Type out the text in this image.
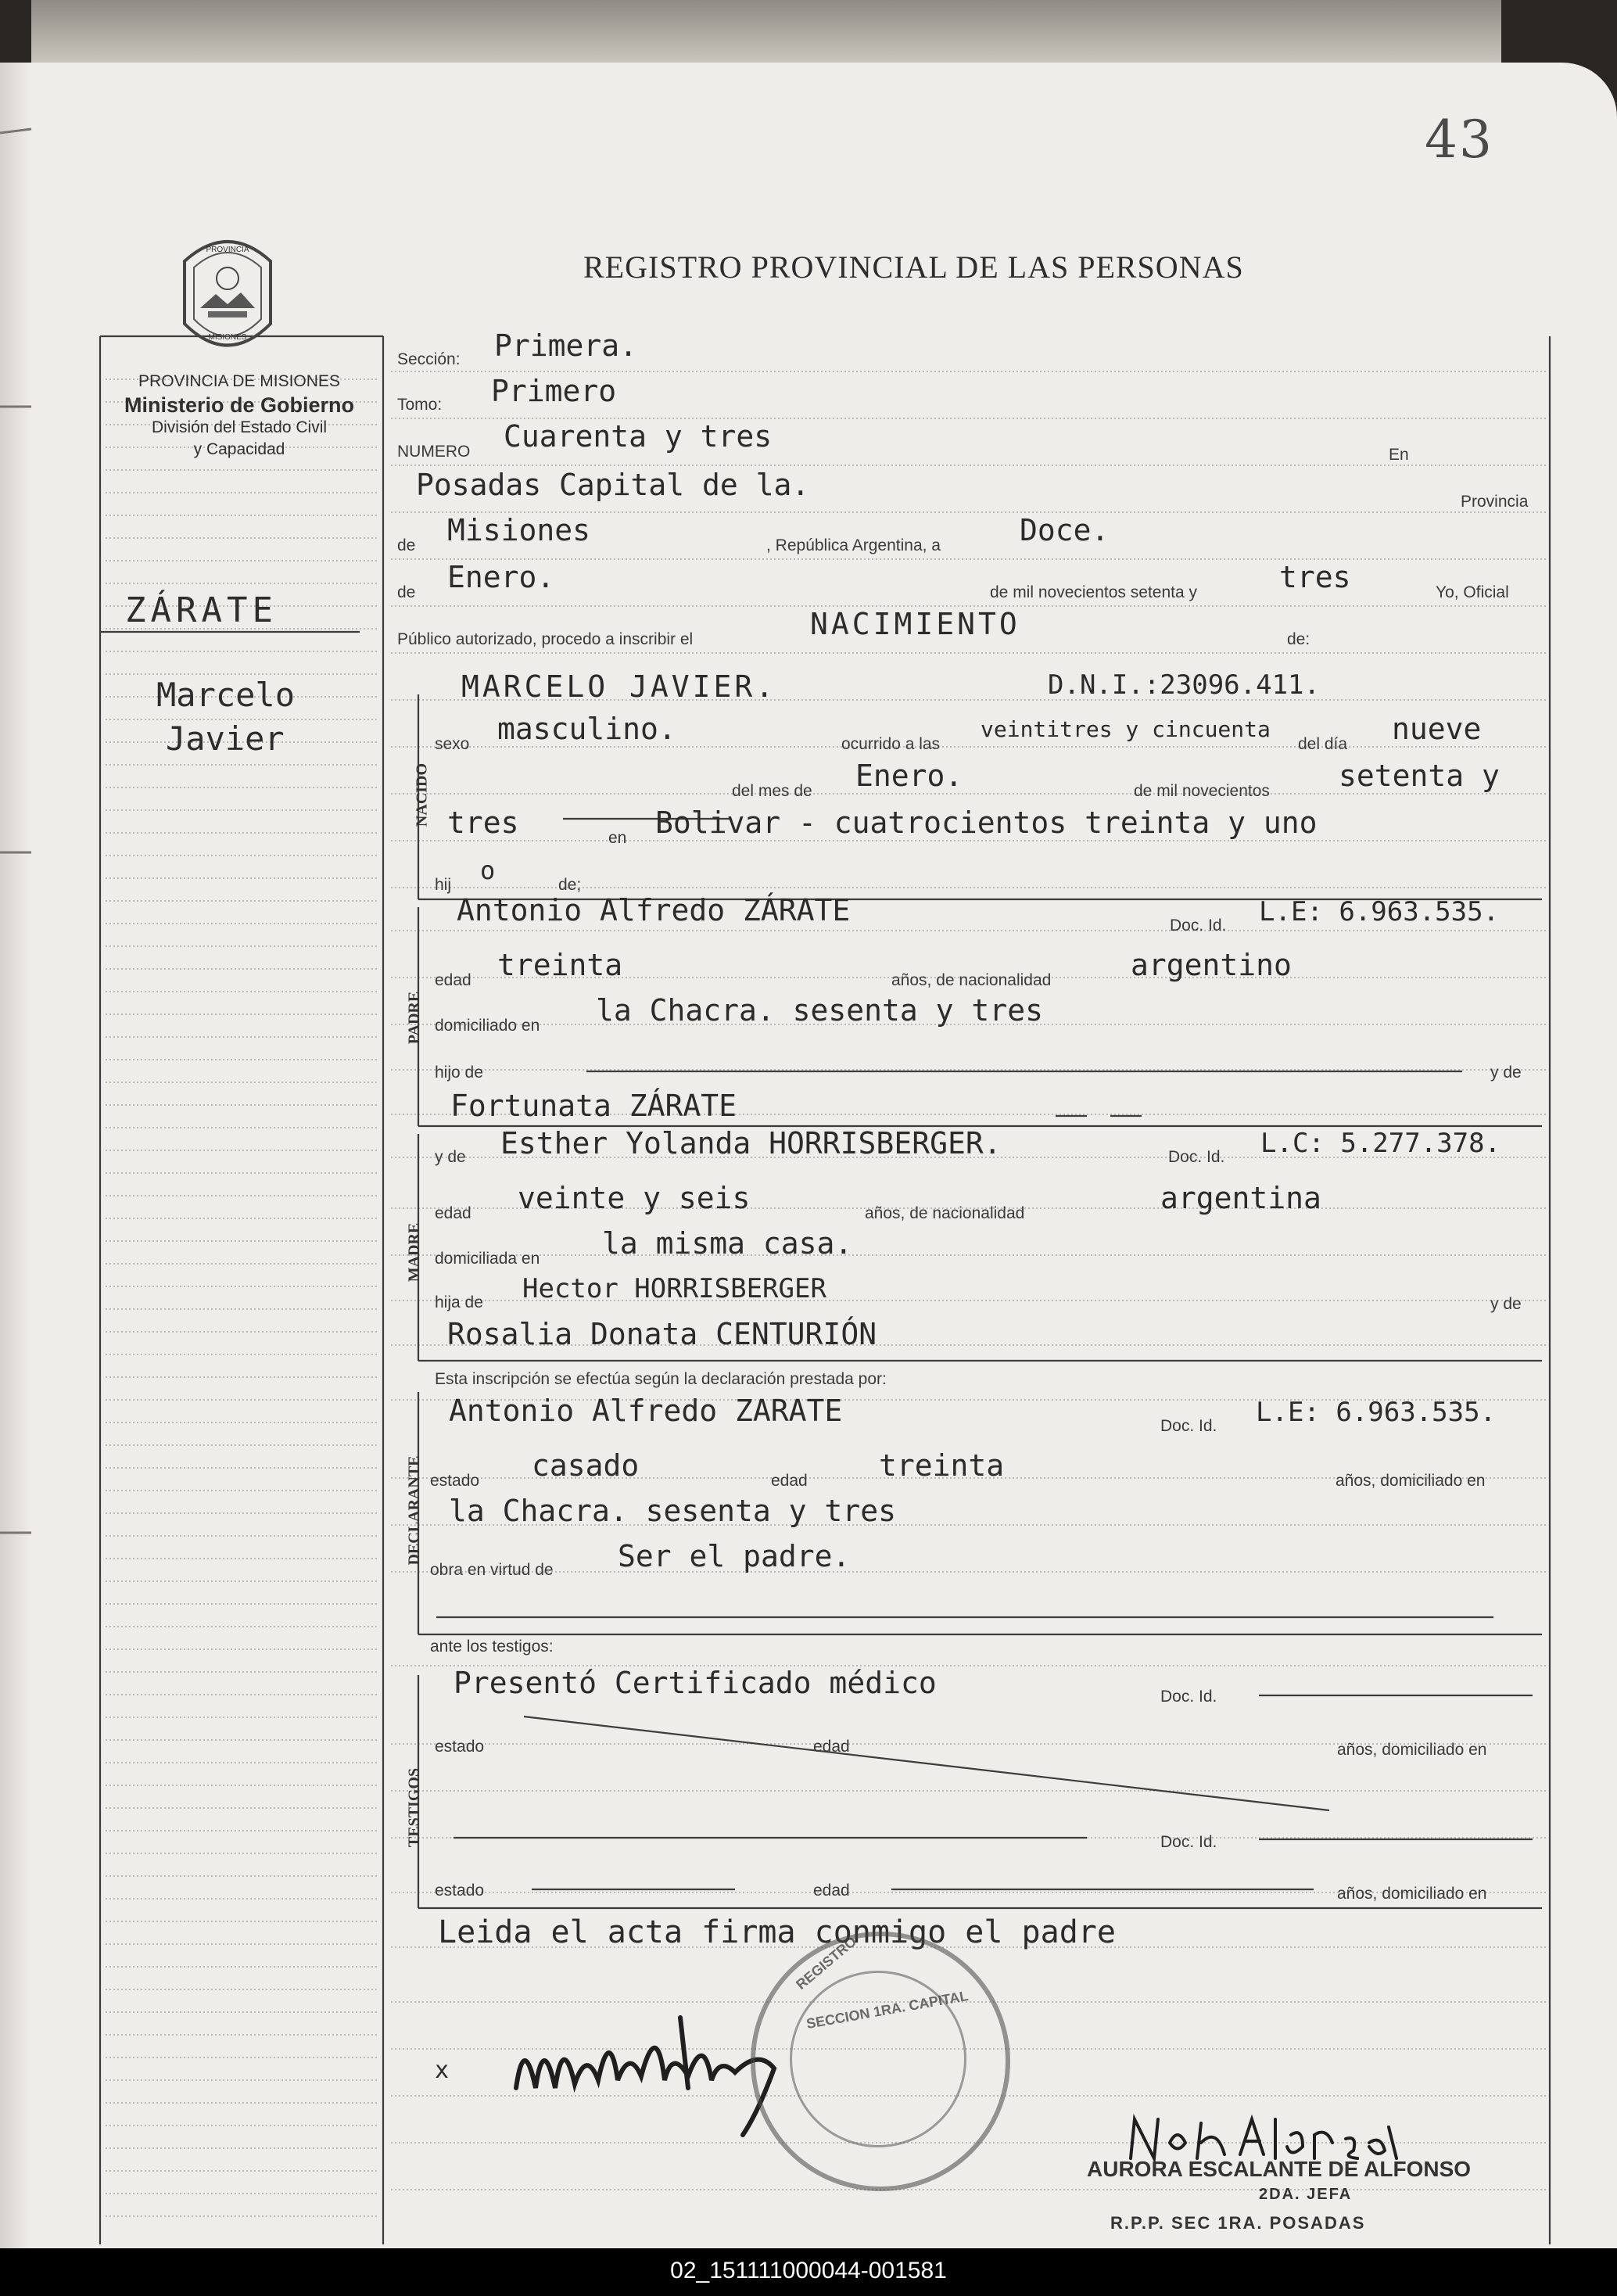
43
REGISTRO PROVINCIAL DE LAS PERSONAS
PROVINCIA
MISIONES
PROVINCIA DE MISIONES
Ministerio de Gobierno
División del Estado Civil
y Capacidad
ZÁRATE
Marcelo
Javier
NACIDO
PADRE
MADRE
DECLARANTE
TESTIGOS
Sección: Primera.
Tomo: Primero
NUMERO Cuarenta y tres
En
Posadas Capital de la.	Provincia
de Misiones	, República Argentina, a	Doce.
de Enero.	de mil novecientos setenta y	tres	Yo, Oficial
Público autorizado, procedo a inscribir el	NACIMIENTO	de:
MARCELO JAVIER.	D.N.I.:23096.411.
sexo masculino.	ocurrido a las
veintitres y cincuenta
del día nueve
del mes de Enero.	de mil novecientos setenta y
tres	en Bolivar - cuatrocientos treinta y uno
hij o	de;
Antonio Alfredo ZÁRATE	Doc. Id. L.E: 6.963.535.
edad treinta	años, de nacionalidad	argentino
domiciliado en la Chacra. sesenta y tres
hijo de	y de
Fortunata ZÁRATE
y de Esther Yolanda HORRISBERGER.	Doc. Id. L.C: 5.277.378.
edad veinte y seis	años, de nacionalidad	argentina
domiciliada en la misma casa.
hija de Hector HORRISBERGER	y de
Rosalia Donata CENTURIÓN
Esta inscripción se efectúa según la declaración prestada por:
Antonio Alfredo ZARATE	Doc. Id. L.E: 6.963.535.
estado casado	edad treinta	años, domiciliado en
la Chacra. sesenta y tres
obra en virtud de Ser el padre.
ante los testigos:
Presentó Certificado médico	Doc. Id.
estado	edad	años, domiciliado en
Doc. Id.
estado	edad	años, domiciliado en
Leida el acta firma conmigo el padre
x
REGISTRO
SECCION 1RA. CAPITAL
AURORA ESCALANTE DE ALFONSO
2DA. JEFA
R.P.P. SEC 1RA. POSADAS
02_151111000044-001581
